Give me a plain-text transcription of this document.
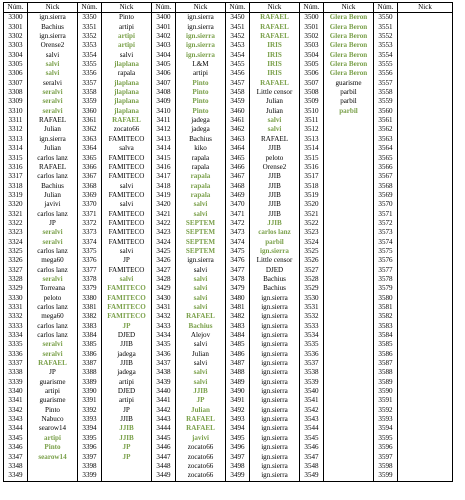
Núm.	Nick	Núm.	Nick	Núm.	Nick	Núm.	Nick	Núm.	Nick	Núm.	Nick
3300	ign.sierra	3350	Pinto	3400	ign.sierra	3450	RAFAEL	3500	Glera Beron	3550	
3301	Bachius	3351	artipi	3401	ign.sierra	3451	RAFAEL	3501	Glera Beron	3551	
3302	ign.sierra	3352	artipi	3402	ign.sierra	3452	RAFAEL	3502	Glera Beron	3552	
3303	Orense2	3353	artipi	3403	ign.sierra	3453	IRIS	3503	Glera Beron	3553	
3304	salvi	3354	salvi	3404	ign.sierra	3454	IRIS	3504	Glera Beron	3554	
3305	salvi	3355	jlaplana	3405	L&M	3455	IRIS	3505	Glera Beron	3555	
3306	salvi	3356	rapala	3406	artipi	3456	IRIS	3506	Glera Beron	3556	
3307	seralvi	3357	jlaplana	3407	Pinto	3457	RAFAEL	3507	guarisme	3557	
3308	seralvi	3358	jlaplana	3408	Pinto	3458	Little censor	3508	parbil	3558	
3309	seralvi	3359	jlaplana	3409	Pinto	3459	Julian	3509	parbil	3559	
3310	seralvi	3360	jlaplana	3410	Pinto	3460	Julian	3510	parbil	3560	
3311	RAFAEL	3361	RAFAEL	3411	jadega	3461	salvi	3511		3561	
3312	Julian	3362	zocato66	3412	jadega	3462	salvi	3512		3562	
3313	ign.sierra	3363	FAMITECO	3413	Bachius	3463	RAFAEL	3513		3563	
3314	Julian	3364	salva	3414	kiko	3464	JJIB	3514		3564	
3315	carlos lanz	3365	FAMITECO	3415	rapala	3465	peloto	3515		3565	
3316	RAFAEL	3366	FAMITECO	3416	rapala	3466	Orense2	3516		3566	
3317	carlos lanz	3367	FAMITECO	3417	rapala	3467	JJIB	3517		3567	
3318	Bachius	3368	salvi	3418	rapala	3468	JJIB	3518		3568	
3319	Julian	3369	FAMITECO	3419	rapala	3469	JJIB	3519		3569	
3320	javivi	3370	salvi	3420	salvi	3470	JJIB	3520		3570	
3321	carlos lanz	3371	FAMITECO	3421	salvi	3471	JJIB	3521		3571	
3322	JP	3372	FAMITECO	3422	SEPTEM	3472	JJIB	3522		3572	
3323	seralvi	3373	FAMITECO	3423	SEPTEM	3473	carlos lanz	3523		3573	
3324	seralvi	3374	FAMITECO	3424	SEPTEM	3474	parbil	3524		3574	
3325	carlos lanz	3375	salvi	3425	SEPTEM	3475	ign.sierra	3525		3575	
3326	mega60	3376	JP	3426	ign.sierra	3476	Little censor	3526		3576	
3327	carlos lanz	3377	FAMITECO	3427	salvi	3477	DJED	3527		3577	
3328	seralvi	3378	salvi	3428	salvi	3478	Bachius	3528		3578	
3329	Torreana	3379	FAMITECO	3429	salvi	3479	Bachius	3529		3579	
3330	peloto	3380	FAMITECO	3430	salvi	3480	ign.sierra	3530		3580	
3331	carlos lanz	3381	FAMITECO	3431	salvi	3481	ign.sierra	3531		3581	
3332	mega60	3382	FAMITECO	3432	RAFAEL	3482	ign.sierra	3532		3582	
3333	carlos lanz	3383	JP	3433	Bachius	3483	ign.sierra	3533		3583	
3334	carlos lanz	3384	DJED	3434	Alejov	3484	ign.sierra	3534		3584	
3335	seralvi	3385	JJIB	3435	salvi	3485	ign.sierra	3535		3585	
3336	seralvi	3386	jadega	3436	Julian	3486	ign.sierra	3536		3586	
3337	RAFAEL	3387	JJIB	3437	salvi	3487	ign.sierra	3537		3587	
3338	JP	3388	jadega	3438	salvi	3488	ign.sierra	3538		3588	
3339	guarisme	3389	artipi	3439	salvi	3489	ign.sierra	3539		3589	
3340	artipi	3390	DJED	3440	JJIB	3490	ign.sierra	3540		3590	
3341	guarisme	3391	artipi	3441	JP	3491	ign.sierra	3541		3591	
3342	Pinto	3392	JP	3442	Julian	3492	ign.sierra	3542		3592	
3343	Nabuco	3393	JJIB	3443	RAFAEL	3493	ign.sierra	3543		3593	
3344	searow14	3394	JJIB	3444	RAFAEL	3494	ign.sierra	3544		3594	
3345	artipi	3395	JJIB	3445	javivi	3495	ign.sierra	3545		3595	
3346	Pinto	3396	JP	3446	zocato66	3496	ign.sierra	3546		3596	
3347	searow14	3397	JP	3447	zocato66	3497	ign.sierra	3547		3597	
3348		3398		3448	zocato66	3498	ign.sierra	3548		3598	
3349		3399		3449	zocato66	3499	ign.sierra	3549		3599	
